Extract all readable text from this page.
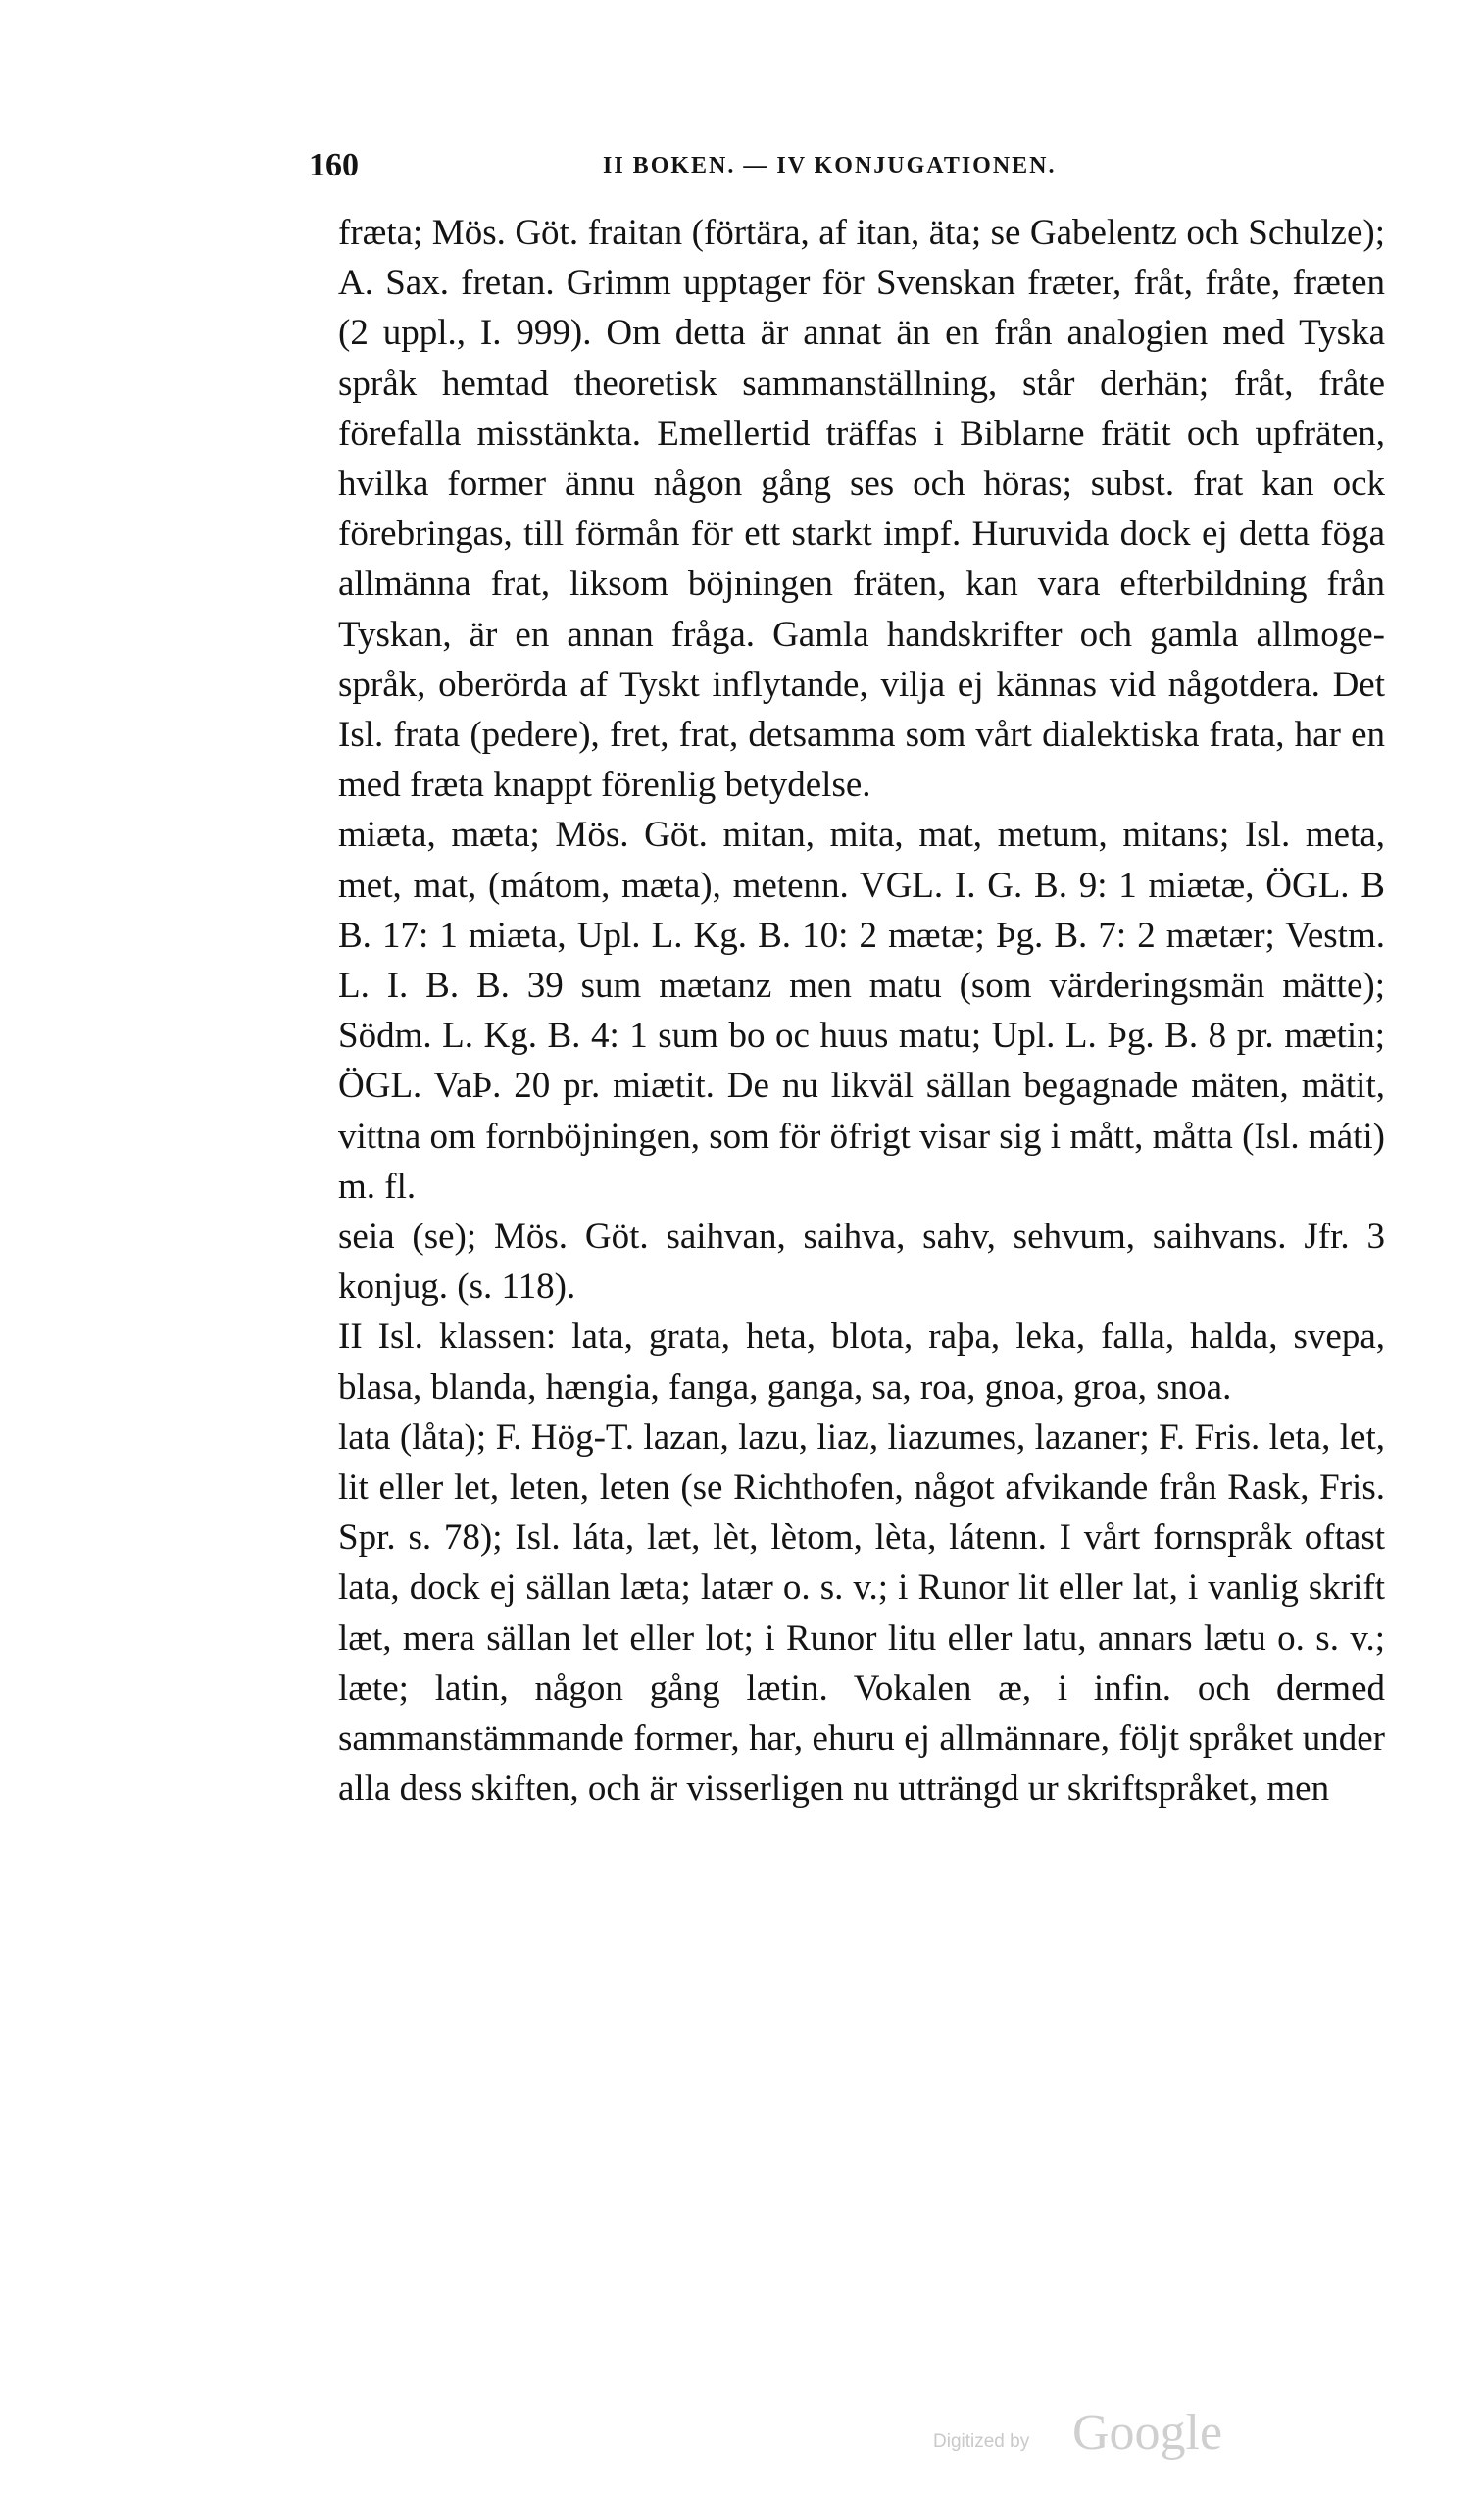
160	II BOKEN. — IV KONJUGATIONEN.

fræta; Mös. Göt. fraitan (förtära, af itan, äta; se Gabelentz och Schulze); A. Sax. fretan. Grimm upptager för Svenskan fræter, fråt, fråte, fræten (2 uppl., I. 999). Om detta är annat än en från analogien med Tyska språk hemtad theoretisk sammanställning, står derhän; fråt, fråte förefalla misstänkta. Emellertid träffas i Biblarne frätit och upfräten, hvilka former ännu någon gång ses och höras; subst. frat kan ock förebringas, till förmån för ett starkt impf. Huruvida dock ej detta föga allmänna frat, liksom böjningen fräten, kan vara efterbildning från Tyskan, är en annan fråga. Gamla handskrifter och gamla allmoge-språk, oberörda af Tyskt inflytande, vilja ej kännas vid någotdera. Det Isl. frata (pedere), fret, frat, detsamma som vårt dialektiska frata, har en med fræta knappt förenlig betydelse.

miæta, mæta; Mös. Göt. mitan, mita, mat, metum, mitans; Isl. meta, met, mat, (mátom, mæta), metenn. VGL. I. G. B. 9: 1 miætæ, ÖGL. B B. 17: 1 miæta, Upl. L. Kg. B. 10: 2 mætæ; Þg. B. 7: 2 mætær; Vestm. L. I. B. B. 39 sum mætanz men matu (som värderingsmän mätte); Södm. L. Kg. B. 4: 1 sum bo oc huus matu; Upl. L. Þg. B. 8 pr. mætin; ÖGL. VaÞ. 20 pr. miætit. De nu likväl sällan begagnade mäten, mätit, vittna om fornböjningen, som för öfrigt visar sig i mått, måtta (Isl. máti) m. fl.

seia (se); Mös. Göt. saihvan, saihva, sahv, sehvum, saihvans. Jfr. 3 konjug. (s. 118).

II Isl. klassen: lata, grata, heta, blota, raþa, leka, falla, halda, svepa, blasa, blanda, hængia, fanga, ganga, sa, roa, gnoa, groa, snoa.

lata (låta); F. Hög-T. lazan, lazu, liaz, liazumes, lazaner; F. Fris. leta, let, lit eller let, leten, leten (se Richthofen, något afvikande från Rask, Fris. Spr. s. 78); Isl. láta, læt, lèt, lètom, lèta, látenn. I vårt fornspråk oftast lata, dock ej sällan læta; latær o. s. v.; i Runor lit eller lat, i vanlig skrift læt, mera sällan let eller lot; i Runor litu eller latu, annars lætu o. s. v.; læte; latin, någon gång lætin. Vokalen æ, i infin. och dermed sammanstämmande former, har, ehuru ej allmännare, följt språket under alla dess skiften, och är visserligen nu utträngd ur skriftspråket, men

Digitized by Google
